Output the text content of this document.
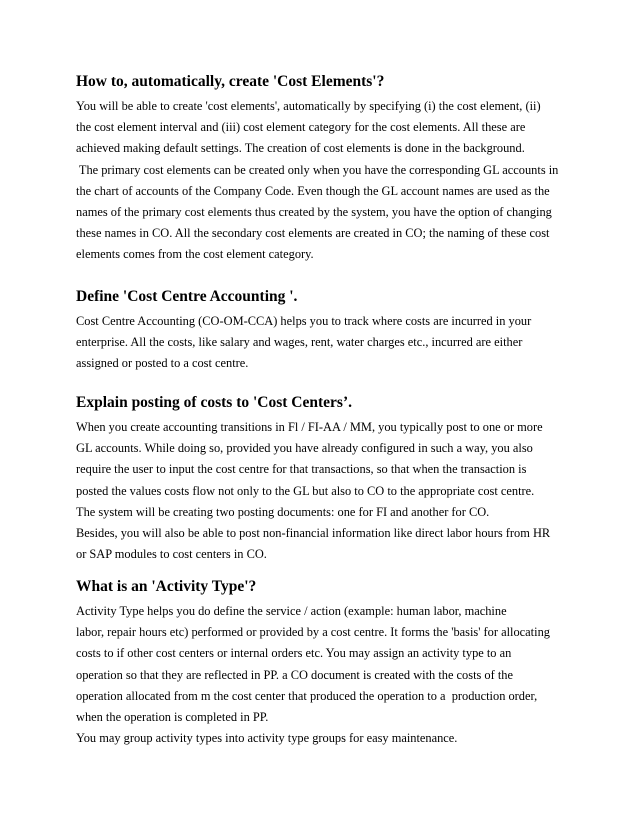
How to, automatically, create 'Cost Elements'?

You will be able to create 'cost elements', automatically by specifying (i) the cost element, (ii)

the cost element interval and (iii) cost element category for the cost elements. All these are

achieved making default settings. The creation of cost elements is done in the background.

The primary cost elements can be created only when you have the corresponding GL accounts in

the chart of accounts of the Company Code. Even though the GL account names are used as the

names of the primary cost elements thus created by the system, you have the option of changing

these names in CO. All the secondary cost elements are created in CO; the naming of these cost

elements comes from the cost element category.

Define 'Cost Centre Accounting '.

Cost Centre Accounting (CO-OM-CCA) helps you to track where costs are incurred in your

enterprise. All the costs, like salary and wages, rent, water charges etc., incurred are either

assigned or posted to a cost centre.

Explain posting of costs to 'Cost Centers’.

When you create accounting transitions in Fl / FI-AA / MM, you typically post to one or more

GL accounts. While doing so, provided you have already configured in such a way, you also

require the user to input the cost centre for that transactions, so that when the transaction is

posted the values costs flow not only to the GL but also to CO to the appropriate cost centre.

The system will be creating two posting documents: one for FI and another for CO.

Besides, you will also be able to post non-financial information like direct labor hours from HR

or SAP modules to cost centers in CO.

What is an 'Activity Type'?

Activity Type helps you do define the service / action (example: human labor, machine

labor, repair hours etc) performed or provided by a cost centre. It forms the 'basis' for allocating

costs to if other cost centers or internal orders etc. You may assign an activity type to an

operation so that they are reflected in PP. a CO document is created with the costs of the

operation allocated from m the cost center that produced the operation to a  production order,

when the operation is completed in PP.

You may group activity types into activity type groups for easy maintenance.
